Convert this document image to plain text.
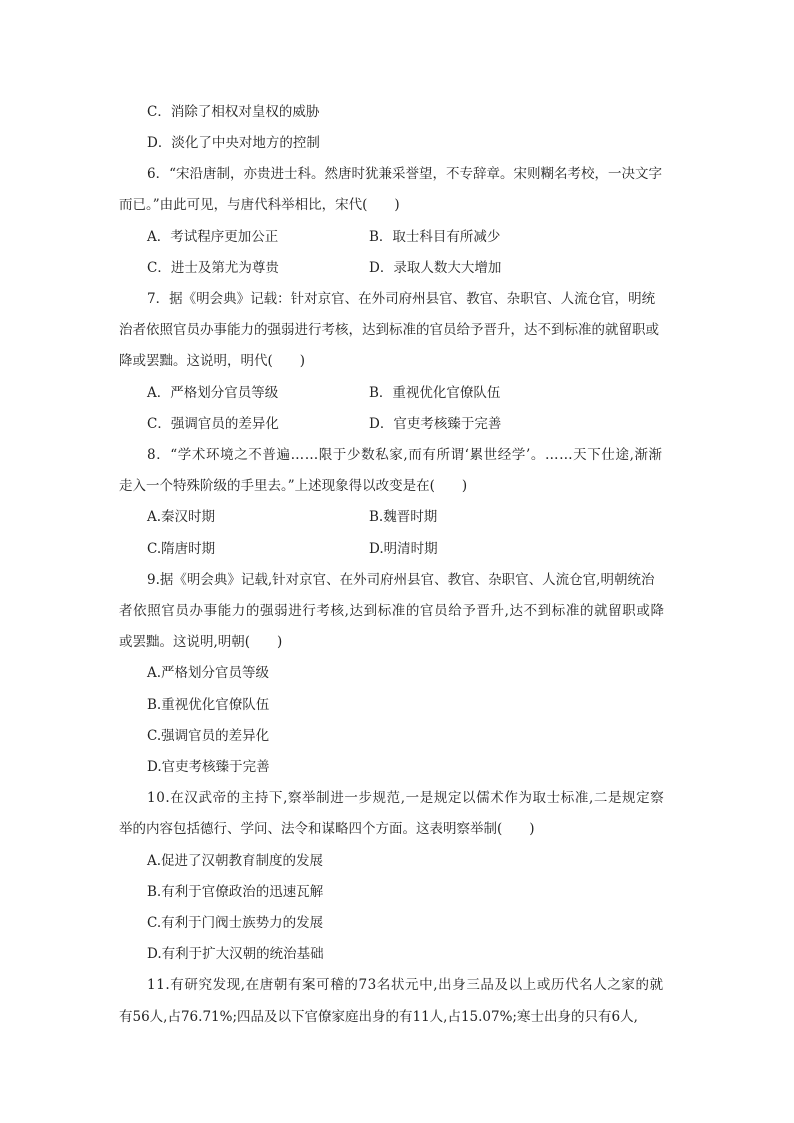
C．消除了相权对皇权的威胁
D．淡化了中央对地方的控制
6．“宋沿唐制，亦贵进士科。然唐时犹兼采誉望，不专辞章。宋则糊名考校，一决文字
而已。”由此可见，与唐代科举相比，宋代(　　)
A．考试程序更加公正	B．取士科目有所减少
C．进士及第尤为尊贵	D．录取人数大大增加
7．据《明会典》记载：针对京官、在外司府州县官、教官、杂职官、人流仓官，明统
治者依照官员办事能力的强弱进行考核，达到标准的官员给予晋升，达不到标准的就留职或
降或罢黜。这说明，明代(　　)
A．严格划分官员等级	B．重视优化官僚队伍
C．强调官员的差异化	D．官吏考核臻于完善
8．“学术环境之不普遍……限于少数私家,而有所谓‘累世经学’。……天下仕途,渐渐
走入一个特殊阶级的手里去。”上述现象得以改变是在(　　)
A.秦汉时期	B.魏晋时期
C.隋唐时期	D.明清时期
9.据《明会典》记载,针对京官、在外司府州县官、教官、杂职官、人流仓官,明朝统治
者依照官员办事能力的强弱进行考核,达到标准的官员给予晋升,达不到标准的就留职或降
或罢黜。这说明,明朝(　　)
A.严格划分官员等级
B.重视优化官僚队伍
C.强调官员的差异化
D.官吏考核臻于完善
10.在汉武帝的主持下,察举制进一步规范,一是规定以儒术作为取士标准,二是规定察
举的内容包括德行、学问、法令和谋略四个方面。这表明察举制(　　)
A.促进了汉朝教育制度的发展
B.有利于官僚政治的迅速瓦解
C.有利于门阀士族势力的发展
D.有利于扩大汉朝的统治基础
11.有研究发现,在唐朝有案可稽的73名状元中,出身三品及以上或历代名人之家的就
有56人,占76.71%;四品及以下官僚家庭出身的有11人,占15.07%;寒士出身的只有6人,
